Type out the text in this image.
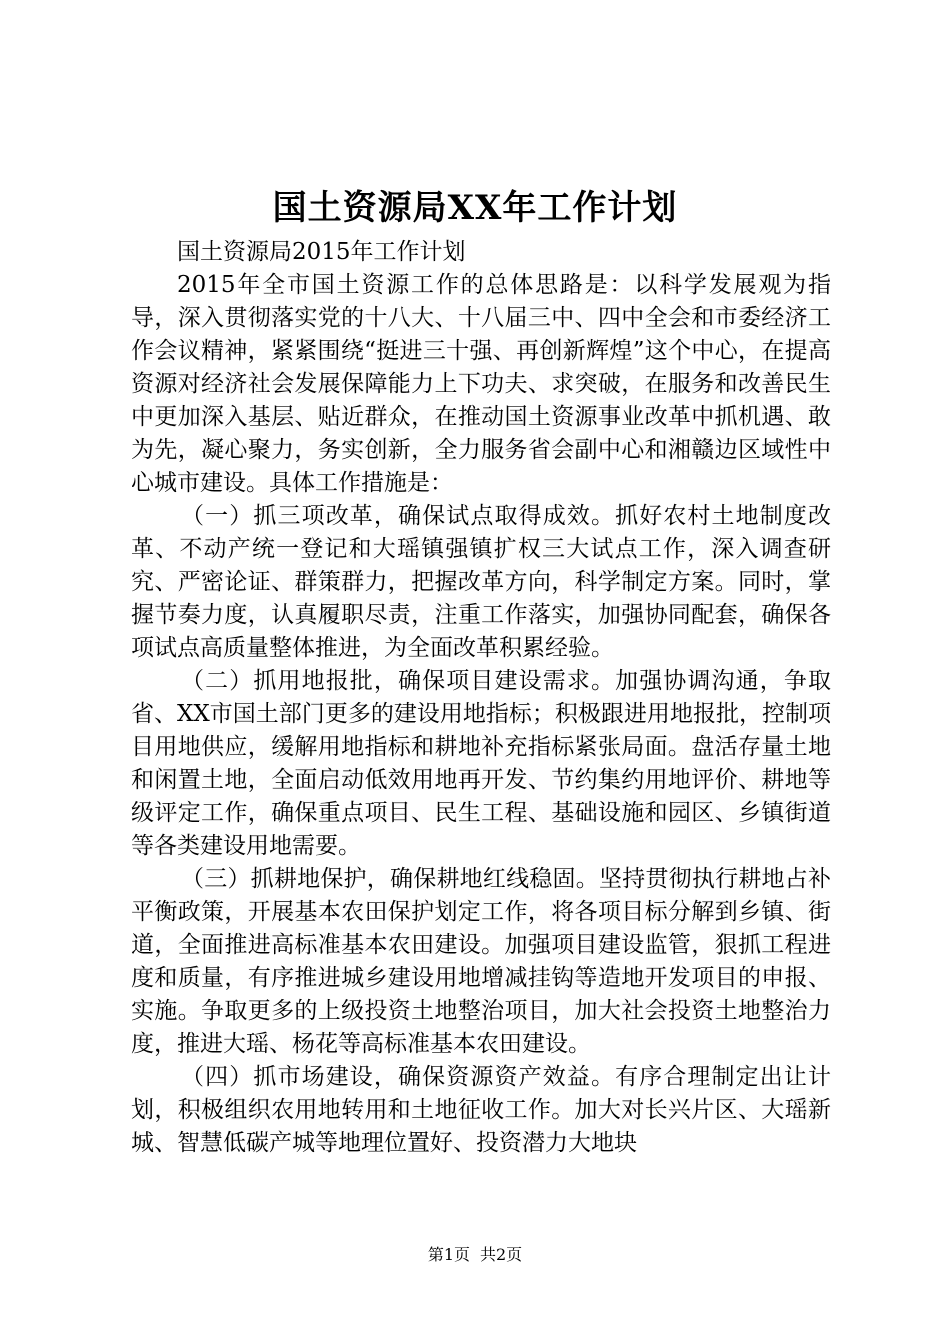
国土资源局XX年工作计划

国土资源局2015年工作计划

2015年全市国土资源工作的总体思路是：以科学发展观为指导，深入贯彻落实党的十八大、十八届三中、四中全会和市委经济工作会议精神，紧紧围绕“挺进三十强、再创新辉煌”这个中心，在提高资源对经济社会发展保障能力上下功夫、求突破，在服务和改善民生中更加深入基层、贴近群众，在推动国土资源事业改革中抓机遇、敢为先，凝心聚力，务实创新，全力服务省会副中心和湘赣边区域性中心城市建设。具体工作措施是：

（一）抓三项改革，确保试点取得成效。抓好农村土地制度改革、不动产统一登记和大瑶镇强镇扩权三大试点工作，深入调查研究、严密论证、群策群力，把握改革方向，科学制定方案。同时，掌握节奏力度，认真履职尽责，注重工作落实，加强协同配套，确保各项试点高质量整体推进，为全面改革积累经验。

（二）抓用地报批，确保项目建设需求。加强协调沟通，争取省、XX市国土部门更多的建设用地指标；积极跟进用地报批，控制项目用地供应，缓解用地指标和耕地补充指标紧张局面。盘活存量土地和闲置土地，全面启动低效用地再开发、节约集约用地评价、耕地等级评定工作，确保重点项目、民生工程、基础设施和园区、乡镇街道等各类建设用地需要。

（三）抓耕地保护，确保耕地红线稳固。坚持贯彻执行耕地占补平衡政策，开展基本农田保护划定工作，将各项目标分解到乡镇、街道，全面推进高标准基本农田建设。加强项目建设监管，狠抓工程进度和质量，有序推进城乡建设用地增减挂钩等造地开发项目的申报、实施。争取更多的上级投资土地整治项目，加大社会投资土地整治力度，推进大瑶、杨花等高标准基本农田建设。

（四）抓市场建设，确保资源资产效益。有序合理制定出让计划，积极组织农用地转用和土地征收工作。加大对长兴片区、大瑶新城、智慧低碳产城等地理位置好、投资潜力大地块

第1页 共2页
